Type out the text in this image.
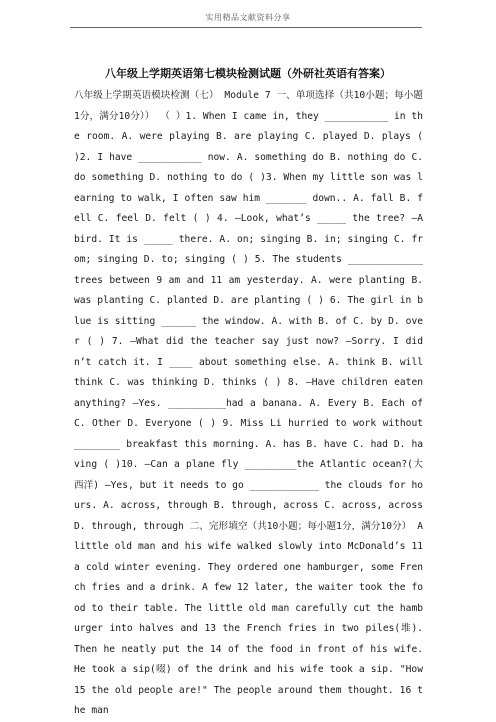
实用精品文献资料分享
八年级上学期英语第七模块检测试题（外研社英语有答案）
八年级上学期英语模块检测（七） Module 7 一、单项选择（共10小题；每小题1分，满分10分）） （ ）1. When I came in, they ___________ in the room. A. were playing B. are playing C. played D. plays ( )2. I have ___________ now. A. something do B. nothing do C. do something D. nothing to do ( )3. When my little son was learning to walk, I often saw him _______ down.. A. fall B. fell C. feel D. felt ( ) 4. —Look, what’s _____ the tree? —A bird. It is _____ there. A. on; singing B. in; singing C. from; singing D. to; singing ( ) 5. The students _____________ trees between 9 am and 11 am yesterday. A. were planting B. was planting C. planted D. are planting ( ) 6. The girl in blue is sitting ______ the window. A. with B. of C. by D. over ( ) 7. —What did the teacher say just now? —Sorry. I didn’t catch it. I ____ about something else. A. think B. will think C. was thinking D. thinks ( ) 8. —Have children eaten anything? —Yes. __________had a banana. A. Every B. Each of C. Other D. Everyone ( ) 9. Miss Li hurried to work without ________ breakfast this morning. A. has B. have C. had D. having ( )10. —Can a plane fly _________the Atlantic ocean?(大西洋) —Yes, but it needs to go ____________ the clouds for hours. A. across, through B. through, across C. across, across D. through, through 二、完形填空（共10小题；每小题1分，满分10分） A little old man and his wife walked slowly into McDonald’s 11 a cold winter evening. They ordered one hamburger, some French fries and a drink. A few 12 later, the waiter took the food to their table. The little old man carefully cut the hamburger into halves and 13 the French fries in two piles(堆). Then he neatly put the 14 of the food in front of his wife. He took a sip(啜) of the drink and his wife took a sip. "How 15 the old people are!" The people around them thought. 16 the man
